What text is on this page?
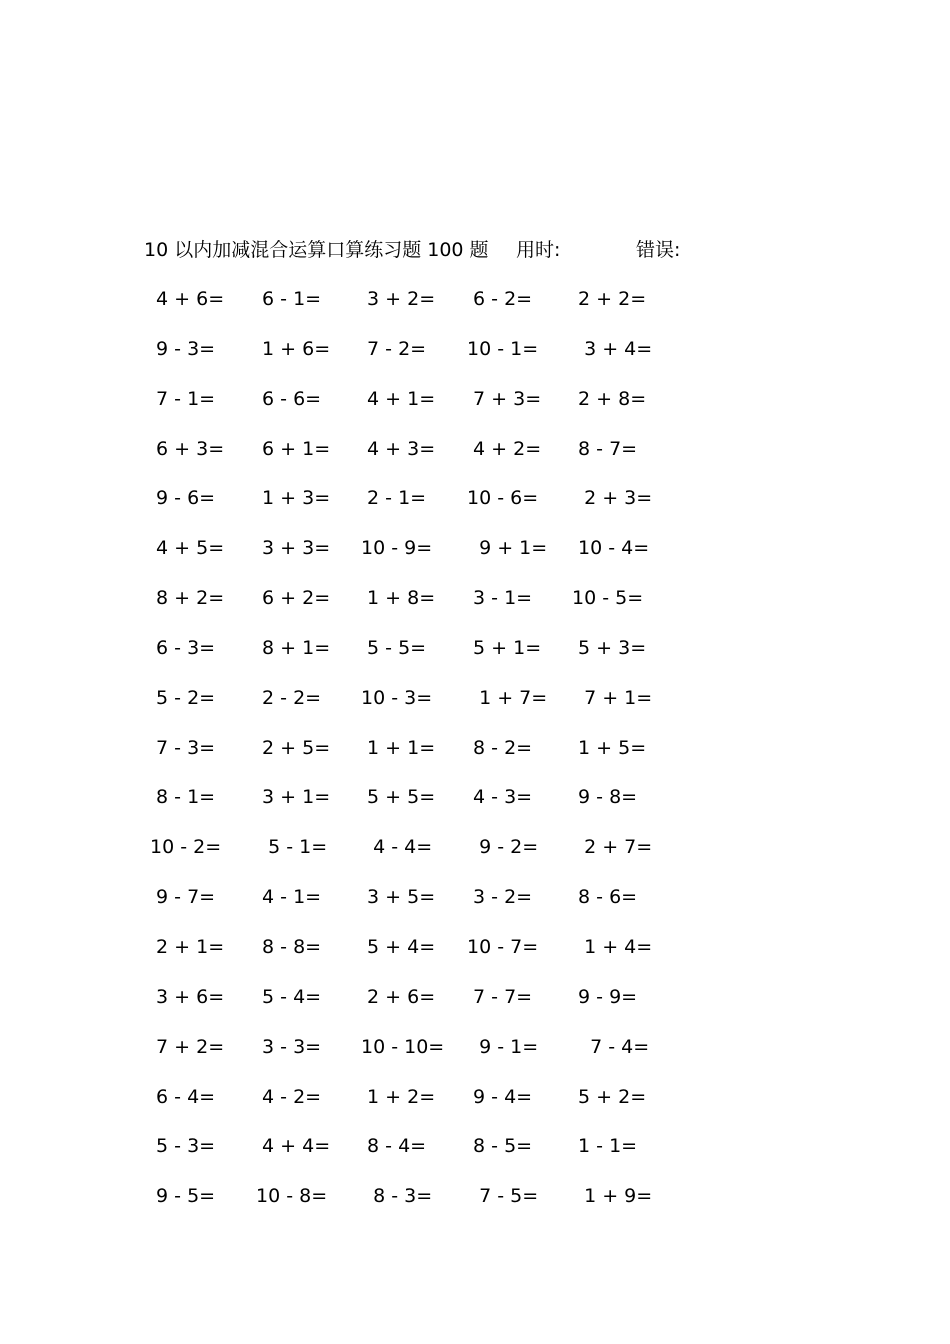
10 以内加减混合运算口算练习题 100 题 用时:	错误:
4 + 6=	6 - 1=	3 + 2=	6 - 2=	2 + 2=
9 - 3=	1 + 6=	7 - 2=	10 - 1=	3 + 4=
7 - 1=	6 - 6=	4 + 1=	7 + 3=	2 + 8=
6 + 3=	6 + 1=	4 + 3=	4 + 2=	8 - 7=
9 - 6=	1 + 3=	2 - 1=	10 - 6=	2 + 3=
4 + 5=	3 + 3=	10 - 9=	9 + 1=	10 - 4=
8 + 2=	6 + 2=	1 + 8=	3 - 1=	10 - 5=
6 - 3=	8 + 1=	5 - 5=	5 + 1=	5 + 3=
5 - 2=	2 - 2=	10 - 3=	1 + 7=	7 + 1=
7 - 3=	2 + 5=	1 + 1=	8 - 2=	1 + 5=
8 - 1=	3 + 1=	5 + 5=	4 - 3=	9 - 8=
10 - 2=	5 - 1=	4 - 4=	9 - 2=	2 + 7=
9 - 7=	4 - 1=	3 + 5=	3 - 2=	8 - 6=
2 + 1=	8 - 8=	5 + 4=	10 - 7=	1 + 4=
3 + 6=	5 - 4=	2 + 6=	7 - 7=	9 - 9=
7 + 2=	3 - 3=	10 - 10=	9 - 1=	7 - 4=
6 - 4=	4 - 2=	1 + 2=	9 - 4=	5 + 2=
5 - 3=	4 + 4=	8 - 4=	8 - 5=	1 - 1=
9 - 5=	10 - 8=	8 - 3=	7 - 5=	1 + 9=
